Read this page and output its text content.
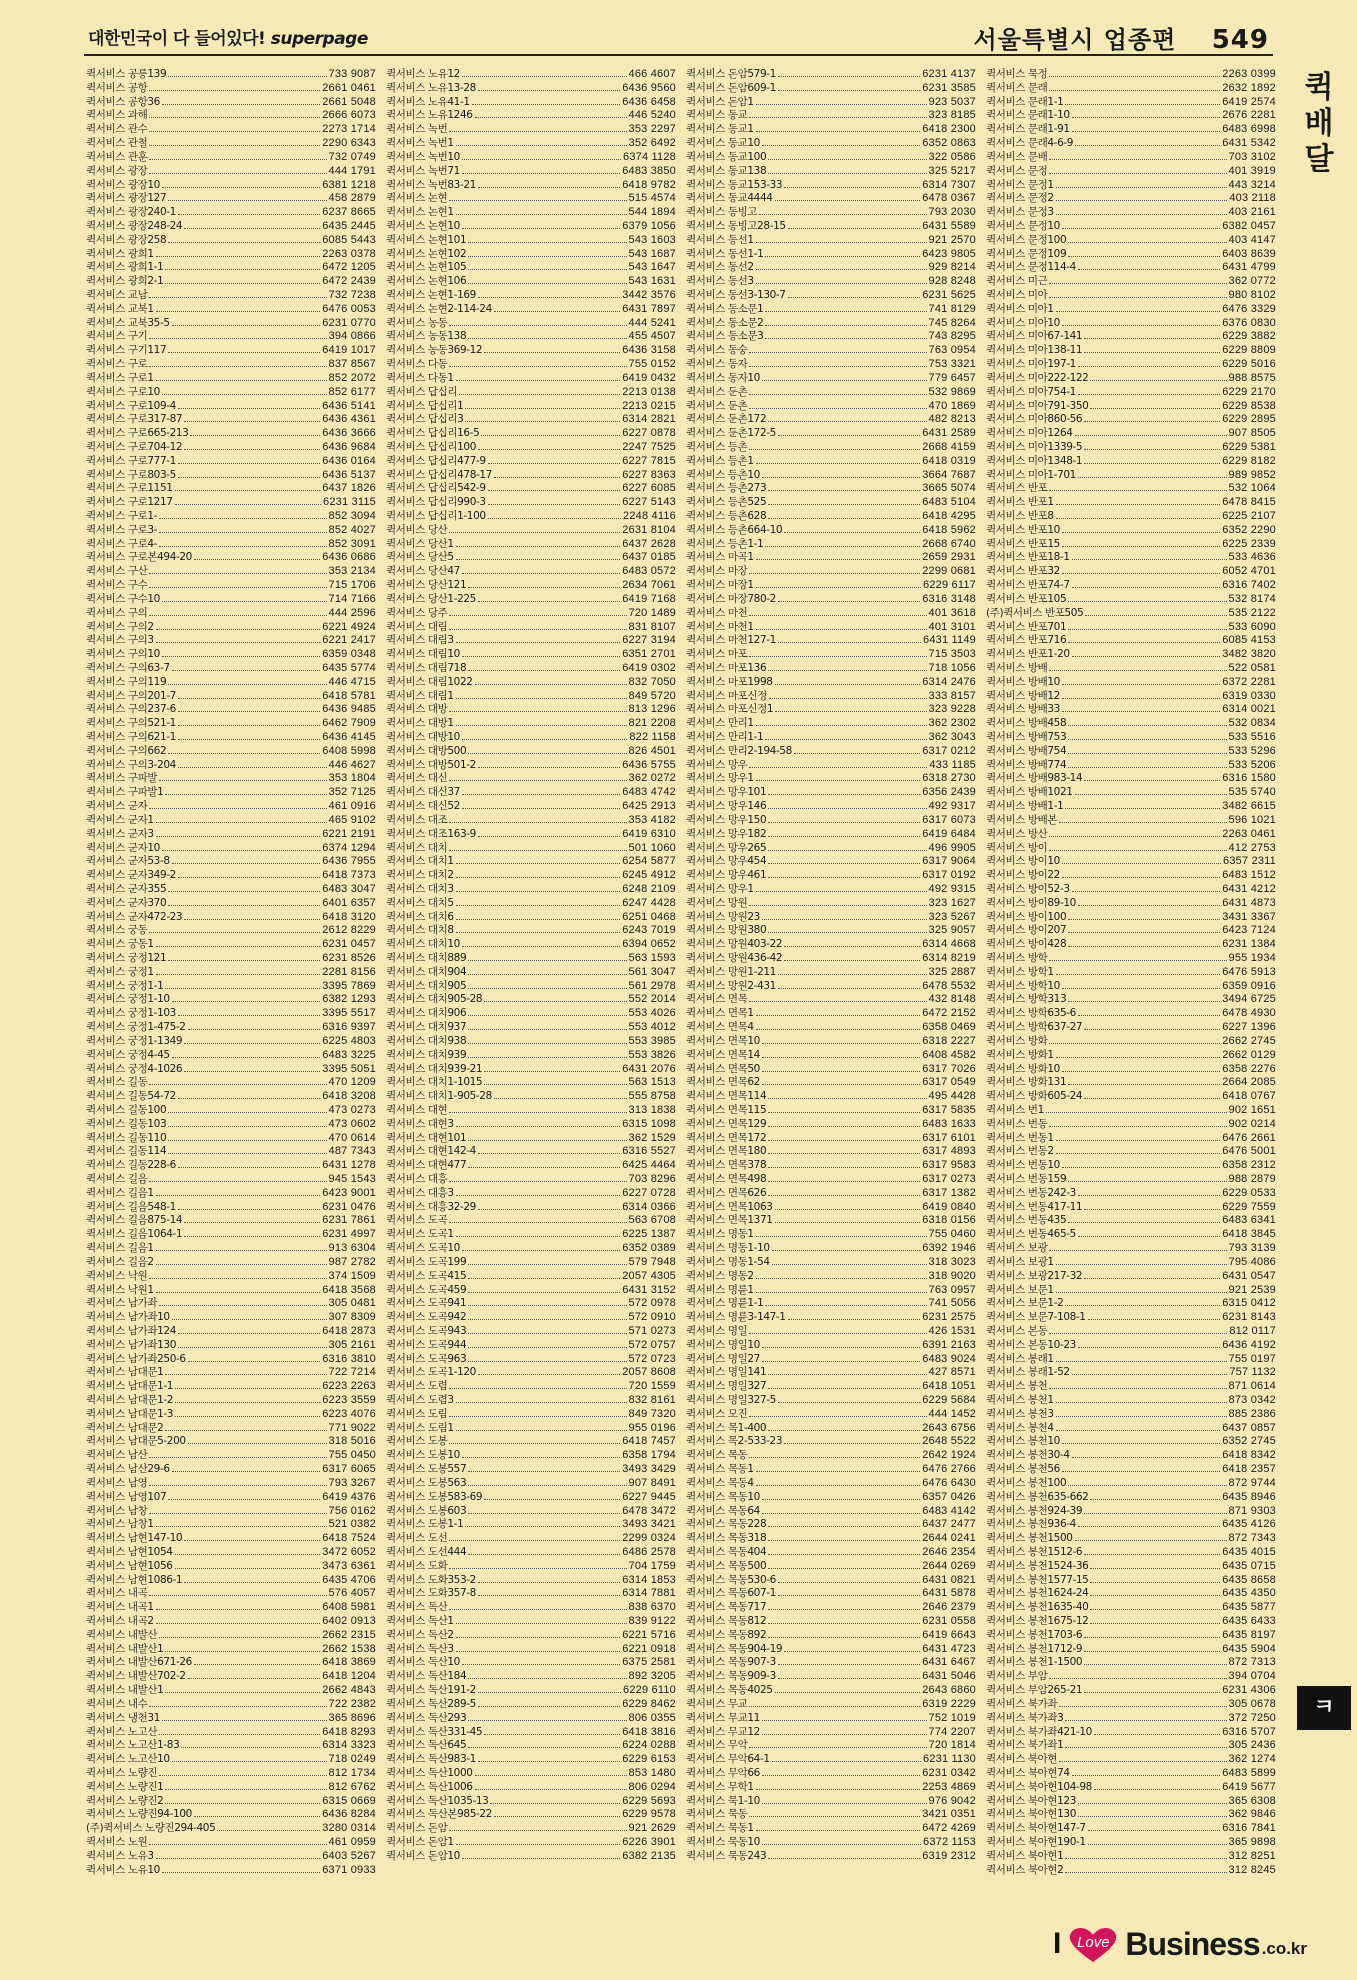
대한민국이 다 들어있다! superpage	서울특별시 업종편 549
퀵배달
ㅋ
퀵서비스 공릉139	733 9087
퀵서비스 공항	2661 0461
퀵서비스 공항36	2661 5048
퀵서비스 과해	2666 6073
퀵서비스 관수	2273 1714
퀵서비스 관철	2290 6343
퀵서비스 관훈	732 0749
퀵서비스 광장	444 1791
퀵서비스 광장10	6381 1218
퀵서비스 광장127	458 2879
퀵서비스 광장240-1	6237 8665
퀵서비스 광장248-24	6435 2445
퀵서비스 광장258	6085 5443
퀵서비스 광희1	2263 0378
퀵서비스 광희1-1	6472 1205
퀵서비스 광희2-1	6472 2439
퀵서비스 교남	732 7238
퀵서비스 교북1	6476 0053
퀵서비스 교북35-5	6231 0770
퀵서비스 구기	394 0866
퀵서비스 구기117	6419 1017
퀵서비스 구로	837 8567
퀵서비스 구로1	852 2072
퀵서비스 구로10	852 6177
퀵서비스 구로109-4	6436 5141
퀵서비스 구로317-87	6436 4361
퀵서비스 구로665-213	6436 3666
퀵서비스 구로704-12	6436 9684
퀵서비스 구로777-1	6436 0164
퀵서비스 구로803-5	6436 5137
퀵서비스 구로1151	6437 1826
퀵서비스 구로1217	6231 3115
퀵서비스 구로1-	852 3094
퀵서비스 구로3-	852 4027
퀵서비스 구로4-	852 3091
퀵서비스 구로본494-20	6436 0686
퀵서비스 구산	353 2134
퀵서비스 구수	715 1706
퀵서비스 구수10	714 7166
퀵서비스 구의	444 2596
퀵서비스 구의2	6221 4924
퀵서비스 구의3	6221 2417
퀵서비스 구의10	6359 0348
퀵서비스 구의63-7	6435 5774
퀵서비스 구의119	446 4715
퀵서비스 구의201-7	6418 5781
퀵서비스 구의237-6	6436 9485
퀵서비스 구의521-1	6462 7909
퀵서비스 구의621-1	6436 4145
퀵서비스 구의662	6408 5998
퀵서비스 구의3-204	446 4627
퀵서비스 구파발	353 1804
퀵서비스 구파발1	352 7125
퀵서비스 군자	461 0916
퀵서비스 군자1	465 9102
퀵서비스 군자3	6221 2191
퀵서비스 군자10	6374 1294
퀵서비스 군자53-8	6436 7955
퀵서비스 군자349-2	6418 7373
퀵서비스 군자355	6483 3047
퀵서비스 군자370	6401 6357
퀵서비스 군자472-23	6418 3120
퀵서비스 궁동	2612 8229
퀵서비스 궁동1	6231 0457
퀵서비스 궁정121	6231 8526
퀵서비스 궁정1	2281 8156
퀵서비스 궁정1-1	3395 7869
퀵서비스 궁정1-10	6382 1293
퀵서비스 궁정1-103	3395 5517
퀵서비스 궁정1-475-2	6316 9397
퀵서비스 궁정1-1349	6225 4803
퀵서비스 궁정4-45	6483 3225
퀵서비스 궁정4-1026	3395 5051
퀵서비스 길동	470 1209
퀵서비스 길동54-72	6418 3208
퀵서비스 길동100	473 0273
퀵서비스 길동103	473 0602
퀵서비스 길동110	470 0614
퀵서비스 길동114	487 7343
퀵서비스 길동228-6	6431 1278
퀵서비스 길음	945 1543
퀵서비스 길음1	6423 9001
퀵서비스 길음548-1	6231 0476
퀵서비스 길음875-14	6231 7861
퀵서비스 길음1064-1	6231 4997
퀵서비스 길음1	913 6304
퀵서비스 길음2	987 2782
퀵서비스 낙원	374 1509
퀵서비스 낙원1	6418 3568
퀵서비스 남가좌	305 0481
퀵서비스 남가좌10	307 8309
퀵서비스 남가좌124	6418 2873
퀵서비스 남가좌130	305 2161
퀵서비스 남가좌250-6	6316 3810
퀵서비스 남대문1	722 7214
퀵서비스 남대문1-1	6223 2263
퀵서비스 남대문1-2	6223 3559
퀵서비스 남대문1-3	6223 4076
퀵서비스 남대문2	771 9022
퀵서비스 남대문5-200	318 5016
퀵서비스 남산	755 0450
퀵서비스 남산29-6	6317 6065
퀵서비스 남영	793 3267
퀵서비스 남영107	6419 4376
퀵서비스 남창	756 0162
퀵서비스 남창1	521 0382
퀵서비스 남현147-10	6418 7524
퀵서비스 남현1054	3472 6052
퀵서비스 남현1056	3473 6361
퀵서비스 남현1086-1	6435 4706
퀵서비스 내곡	576 4057
퀵서비스 내곡1	6408 5981
퀵서비스 내곡2	6402 0913
퀵서비스 내발산	2662 2315
퀵서비스 내발산1	2662 1538
퀵서비스 내발산671-26	6418 3869
퀵서비스 내발산702-2	6418 1204
퀵서비스 내발산1	2662 4843
퀵서비스 내수	722 2382
퀵서비스 냉천31	365 8696
퀵서비스 노고산	6418 8293
퀵서비스 노고산1-83	6314 3323
퀵서비스 노고산10	718 0249
퀵서비스 노량진	812 1734
퀵서비스 노량진1	812 6762
퀵서비스 노량진2	6315 0669
퀵서비스 노량진94-100	6436 8284
(주)퀵서비스 노량진294-405	3280 0314
퀵서비스 노원	461 0959
퀵서비스 노유3	6403 5267
퀵서비스 노유10	6371 0933
퀵서비스 노유12	466 4607
퀵서비스 노유13-28	6436 9560
퀵서비스 노유41-1	6436 6458
퀵서비스 노유1246	446 5240
퀵서비스 녹번	353 2297
퀵서비스 녹번1	352 6492
퀵서비스 녹번10	6374 1128
퀵서비스 녹번71	6483 3850
퀵서비스 녹번83-21	6418 9782
퀵서비스 논현	515 4574
퀵서비스 논현1	544 1894
퀵서비스 논현10	6379 1056
퀵서비스 논현101	543 1603
퀵서비스 논현102	543 1687
퀵서비스 논현105	543 1647
퀵서비스 논현106	543 1631
퀵서비스 논현1-169	3442 3576
퀵서비스 논현2-114-24	6431 7897
퀵서비스 농동	444 5241
퀵서비스 농동138	455 4507
퀵서비스 농동369-12	6436 3158
퀵서비스 다동	755 0152
퀵서비스 다동1	6419 0432
퀵서비스 답십리	2213 0138
퀵서비스 답십리1	2213 0215
퀵서비스 답십리3	6314 2821
퀵서비스 답십리16-5	6227 0878
퀵서비스 답십리100	2247 7525
퀵서비스 답십리477-9	6227 7815
퀵서비스 답십리478-17	6227 8363
퀵서비스 답십리542-9	6227 6085
퀵서비스 답십리990-3	6227 5143
퀵서비스 답십리1-100	2248 4116
퀵서비스 당산	2631 8104
퀵서비스 당산1	6437 2628
퀵서비스 당산5	6437 0185
퀵서비스 당산47	6483 0572
퀵서비스 당산121	2634 7061
퀵서비스 당산1-225	6419 7168
퀵서비스 당주	720 1489
퀵서비스 대림	831 8107
퀵서비스 대림3	6227 3194
퀵서비스 대림10	6351 2701
퀵서비스 대림718	6419 0302
퀵서비스 대림1022	832 7050
퀵서비스 대림1	849 5720
퀵서비스 대방	813 1296
퀵서비스 대방1	821 2208
퀵서비스 대방10	822 1158
퀵서비스 대방500	826 4501
퀵서비스 대방501-2	6436 5755
퀵서비스 대신	362 0272
퀵서비스 대신37	6483 4742
퀵서비스 대신52	6425 2913
퀵서비스 대조	353 4182
퀵서비스 대조163-9	6419 6310
퀵서비스 대치	501 1060
퀵서비스 대치1	6254 5877
퀵서비스 대치2	6245 4912
퀵서비스 대치3	6248 2109
퀵서비스 대치5	6247 4428
퀵서비스 대치6	6251 0468
퀵서비스 대치8	6243 7019
퀵서비스 대치10	6394 0652
퀵서비스 대치889	563 1593
퀵서비스 대치904	561 3047
퀵서비스 대치905	561 2978
퀵서비스 대치905-28	552 2014
퀵서비스 대치906	553 4026
퀵서비스 대치937	553 4012
퀵서비스 대치938	553 3985
퀵서비스 대치939	553 3826
퀵서비스 대치939-21	6431 2076
퀵서비스 대치1-1015	563 1513
퀵서비스 대치1-905-28	555 8758
퀵서비스 대현	313 1838
퀵서비스 대현3	6315 1098
퀵서비스 대현101	362 1529
퀵서비스 대현142-4	6316 5527
퀵서비스 대현477	6425 4464
퀵서비스 대흥	703 8296
퀵서비스 대흥3	6227 0728
퀵서비스 대흥32-29	6314 0366
퀵서비스 도곡	563 6708
퀵서비스 도곡1	6225 1387
퀵서비스 도곡10	6352 0389
퀵서비스 도곡199	579 7948
퀵서비스 도곡415	2057 4305
퀵서비스 도곡459	6431 3152
퀵서비스 도곡941	572 0978
퀵서비스 도곡942	572 0910
퀵서비스 도곡943	571 0273
퀵서비스 도곡944	572 0757
퀵서비스 도곡963	572 0723
퀵서비스 도곡1-120	2057 8608
퀵서비스 도렴	720 1559
퀵서비스 도렴3	832 8161
퀵서비스 도림	849 7320
퀵서비스 도림1	955 0196
퀵서비스 도봉	6418 7457
퀵서비스 도봉10	6358 1794
퀵서비스 도봉557	3493 3429
퀵서비스 도봉563	907 8491
퀵서비스 도봉583-69	6227 9445
퀵서비스 도봉603	6478 3472
퀵서비스 도봉1-1	3493 3421
퀵서비스 도선	2299 0324
퀵서비스 도선444	6486 2578
퀵서비스 도화	704 1759
퀵서비스 도화353-2	6314 1853
퀵서비스 도화357-8	6314 7881
퀵서비스 독산	838 6370
퀵서비스 독산1	839 9122
퀵서비스 독산2	6221 5716
퀵서비스 독산3	6221 0918
퀵서비스 독산10	6375 2581
퀵서비스 독산184	892 3205
퀵서비스 독산191-2	6229 6110
퀵서비스 독산289-5	6229 8462
퀵서비스 독산293	806 0355
퀵서비스 독산331-45	6418 3816
퀵서비스 독산645	6224 0288
퀵서비스 독산983-1	6229 6153
퀵서비스 독산1000	853 1480
퀵서비스 독산1006	806 0294
퀵서비스 독산1035-13	6229 5693
퀵서비스 독산본985-22	6229 9578
퀵서비스 돈암	921 2629
퀵서비스 돈암1	6226 3901
퀵서비스 돈암10	6382 2135
퀵서비스 돈암579-1	6231 4137
퀵서비스 돈암609-1	6231 3585
퀵서비스 돈암1	923 5037
퀵서비스 동교	323 8185
퀵서비스 동교1	6418 2300
퀵서비스 동교10	6352 0863
퀵서비스 동교100	322 0586
퀵서비스 동교138	325 5217
퀵서비스 동교153-33	6314 7307
퀵서비스 동교4444	6478 0367
퀵서비스 동빙고	793 2030
퀵서비스 동빙고28-15	6431 5589
퀵서비스 동선1	921 2570
퀵서비스 동선1-1	6423 9805
퀵서비스 동선2	929 8214
퀵서비스 동선3	928 8248
퀵서비스 동선3-130-7	6231 5625
퀵서비스 동소문1	741 8129
퀵서비스 동소문2	745 8264
퀵서비스 동소문3	743 8295
퀵서비스 동숭	763 0954
퀵서비스 동자	753 3321
퀵서비스 동자10	779 6457
퀵서비스 둔촌	532 9869
퀵서비스 둔촌	470 1869
퀵서비스 둔촌172	482 8213
퀵서비스 둔촌172-5	6431 2589
퀵서비스 등촌	2668 4159
퀵서비스 등촌1	6418 0319
퀵서비스 등촌10	3664 7687
퀵서비스 등촌273	3665 5074
퀵서비스 등촌525	6483 5104
퀵서비스 등촌628	6418 4295
퀵서비스 등촌664-10	6418 5962
퀵서비스 등촌1-1	2668 6740
퀵서비스 마곡1	2659 2931
퀵서비스 마장	2299 0681
퀵서비스 마장1	6229 6117
퀵서비스 마장780-2	6316 3148
퀵서비스 마천	401 3618
퀵서비스 마천1	401 3101
퀵서비스 마천127-1	6431 1149
퀵서비스 마포	715 3503
퀵서비스 마포136	718 1056
퀵서비스 마포1998	6314 2476
퀵서비스 마포신정	333 8157
퀵서비스 마포신정1	323 9228
퀵서비스 만리1	362 2302
퀵서비스 만리1-1	362 3043
퀵서비스 만리2-194-58	6317 0212
퀵서비스 망우	433 1185
퀵서비스 망우1	6318 2730
퀵서비스 망우101	6356 2439
퀵서비스 망우146	492 9317
퀵서비스 망우150	6317 6073
퀵서비스 망우182	6419 6484
퀵서비스 망우265	496 9905
퀵서비스 망우454	6317 9064
퀵서비스 망우461	6317 0192
퀵서비스 망우1	492 9315
퀵서비스 망원	323 1627
퀵서비스 망원23	323 5267
퀵서비스 망원380	325 9057
퀵서비스 망원403-22	6314 4668
퀵서비스 망원436-42	6314 8219
퀵서비스 망원1-211	325 2887
퀵서비스 망원2-431	6478 5532
퀵서비스 면목	432 8148
퀵서비스 면목1	6472 2152
퀵서비스 면목4	6358 0469
퀵서비스 면목10	6318 2227
퀵서비스 면목14	6408 4582
퀵서비스 면목50	6317 7026
퀵서비스 면목62	6317 0549
퀵서비스 면목114	495 4428
퀵서비스 면목115	6317 5835
퀵서비스 면목129	6483 1633
퀵서비스 면목172	6317 6101
퀵서비스 면목180	6317 4893
퀵서비스 면목378	6317 9583
퀵서비스 면목498	6317 0273
퀵서비스 면목626	6317 1382
퀵서비스 면목1063	6419 0840
퀵서비스 면목1371	6318 0156
퀵서비스 명동1	755 0460
퀵서비스 명동1-10	6392 1946
퀵서비스 명동1-54	318 3023
퀵서비스 명동2	318 9020
퀵서비스 명륜1	763 0957
퀵서비스 명륜1-1	741 5056
퀵서비스 명륜3-147-1	6231 2575
퀵서비스 명일	426 1531
퀵서비스 명일10	6391 2163
퀵서비스 명일27	6483 9024
퀵서비스 명일141	427 8571
퀵서비스 명일327	6418 1051
퀵서비스 명일327-5	6229 5684
퀵서비스 모진	444 1452
퀵서비스 목1-400	2643 6756
퀵서비스 목2-533-23	2648 5522
퀵서비스 목동	2642 1924
퀵서비스 목동1	6476 2766
퀵서비스 목동4	6476 6430
퀵서비스 목동10	6357 0426
퀵서비스 목동64	6483 4142
퀵서비스 목동228	6437 2477
퀵서비스 목동318	2644 0241
퀵서비스 목동404	2646 2354
퀵서비스 목동500	2644 0269
퀵서비스 목동530-6	6431 0821
퀵서비스 목동607-1	6431 5878
퀵서비스 목동717	2646 2379
퀵서비스 목동812	6231 0558
퀵서비스 목동892	6419 6643
퀵서비스 목동904-19	6431 4723
퀵서비스 목동907-3	6431 6467
퀵서비스 목동909-3	6431 5046
퀵서비스 목동4025	2643 6860
퀵서비스 무교	6319 2229
퀵서비스 무교11	752 1019
퀵서비스 무교12	774 2207
퀵서비스 무악	720 1814
퀵서비스 무악64-1	6231 1130
퀵서비스 무악66	6231 0342
퀵서비스 무학1	2253 4869
퀵서비스 묵1-10	976 9042
퀵서비스 묵동	3421 0351
퀵서비스 묵동1	6472 4269
퀵서비스 묵동10	6372 1153
퀵서비스 묵동243	6319 2312
퀵서비스 묵정	2263 0399
퀵서비스 문래	2632 1892
퀵서비스 문래1-1	6419 2574
퀵서비스 문래1-10	2676 2281
퀵서비스 문래1-91	6483 6998
퀵서비스 문래4-6-9	6431 5342
퀵서비스 문배	703 3102
퀵서비스 문정	401 3919
퀵서비스 문정1	443 3214
퀵서비스 문정2	403 2118
퀵서비스 문정3	403 2161
퀵서비스 문정10	6382 0457
퀵서비스 문정100	403 4147
퀵서비스 문정109	6403 8639
퀵서비스 문정114-4	6431 4799
퀵서비스 미근	362 0772
퀵서비스 미아	980 8102
퀵서비스 미아1	6476 3329
퀵서비스 미아10	6376 0830
퀵서비스 미아67-141	6229 3882
퀵서비스 미아138-11	6229 8809
퀵서비스 미아197-1	6229 5016
퀵서비스 미아222-122	988 8575
퀵서비스 미아754-1	6229 2170
퀵서비스 미아791-350	6229 8538
퀵서비스 미아860-56	6229 2895
퀵서비스 미아1264	907 8505
퀵서비스 미아1339-5	6229 5381
퀵서비스 미아1348-1	6229 8182
퀵서비스 미아1-701	989 9852
퀵서비스 반포	532 1064
퀵서비스 반포1	6478 8415
퀵서비스 반포8	6225 2107
퀵서비스 반포10	6352 2290
퀵서비스 반포15	6225 2339
퀵서비스 반포18-1	533 4636
퀵서비스 반포32	6052 4701
퀵서비스 반포74-7	6316 7402
퀵서비스 반포105	532 8174
(주)퀵서비스 반포505	535 2122
퀵서비스 반포701	533 6090
퀵서비스 반포716	6085 4153
퀵서비스 반포1-20	3482 3820
퀵서비스 방배	522 0581
퀵서비스 방배10	6372 2281
퀵서비스 방배12	6319 0330
퀵서비스 방배33	6314 0021
퀵서비스 방배458	532 0834
퀵서비스 방배753	533 5516
퀵서비스 방배754	533 5296
퀵서비스 방배774	533 5206
퀵서비스 방배983-14	6316 1580
퀵서비스 방배1021	535 5740
퀵서비스 방배1-1	3482 6615
퀵서비스 방배본	596 1021
퀵서비스 방산	2263 0461
퀵서비스 방이	412 2753
퀵서비스 방이10	6357 2311
퀵서비스 방이22	6483 1512
퀵서비스 방이52-3	6431 4212
퀵서비스 방이89-10	6431 4873
퀵서비스 방이100	3431 3367
퀵서비스 방이207	6423 7124
퀵서비스 방이428	6231 1384
퀵서비스 방학	955 1934
퀵서비스 방학1	6476 5913
퀵서비스 방학10	6359 0916
퀵서비스 방학313	3494 6725
퀵서비스 방학635-6	6478 4930
퀵서비스 방학637-27	6227 1396
퀵서비스 방화	2662 2745
퀵서비스 방화1	2662 0129
퀵서비스 방화10	6358 2276
퀵서비스 방화131	2664 2085
퀵서비스 방화605-24	6418 0767
퀵서비스 번1	902 1651
퀵서비스 번동	902 0214
퀵서비스 번동1	6476 2661
퀵서비스 번동2	6476 5001
퀵서비스 번동10	6358 2312
퀵서비스 번동159	988 2879
퀵서비스 번동242-3	6229 0533
퀵서비스 번동417-11	6229 7559
퀵서비스 번동435	6483 6341
퀵서비스 번동465-5	6418 3845
퀵서비스 보광	793 3139
퀵서비스 보광1	795 4086
퀵서비스 보광217-32	6431 0547
퀵서비스 보문1	921 2539
퀵서비스 보문1-2	6315 0412
퀵서비스 보문7-108-1	6231 8143
퀵서비스 본동	812 0117
퀵서비스 본동10-23	6436 4192
퀵서비스 봉래1	755 0197
퀵서비스 봉래1-52	757 1132
퀵서비스 봉천	871 0614
퀵서비스 봉천1	873 0342
퀵서비스 봉천3	885 2386
퀵서비스 봉천4	6437 0857
퀵서비스 봉천10	6352 2745
퀵서비스 봉천30-4	6418 8342
퀵서비스 봉천56	6418 2357
퀵서비스 봉천100	872 9744
퀵서비스 봉천635-662	6435 8946
퀵서비스 봉천924-39	871 9303
퀵서비스 봉천936-4	6435 4126
퀵서비스 봉천1500	872 7343
퀵서비스 봉천1512-6	6435 4015
퀵서비스 봉천1524-36	6435 0715
퀵서비스 봉천1577-15	6435 8658
퀵서비스 봉천1624-24	6435 4350
퀵서비스 봉천1635-40	6435 5877
퀵서비스 봉천1675-12	6435 6433
퀵서비스 봉천1703-6	6435 8197
퀵서비스 봉천1712-9	6435 5904
퀵서비스 봉천1-1500	872 7313
퀵서비스 부암	394 0704
퀵서비스 부암265-21	6231 4306
퀵서비스 북가좌	305 0678
퀵서비스 북가좌3	372 7250
퀵서비스 북가좌421-10	6316 5707
퀵서비스 북가좌1	305 2436
퀵서비스 북아현	362 1274
퀵서비스 북아현74	6483 5899
퀵서비스 북아현104-98	6419 5677
퀵서비스 북아현123	365 6308
퀵서비스 북아현130	362 9846
퀵서비스 북아현147-7	6316 7841
퀵서비스 북아현190-1	365 9898
퀵서비스 북아현1	312 8251
퀵서비스 북아현2	312 8245
I	Love Business .co.kr
